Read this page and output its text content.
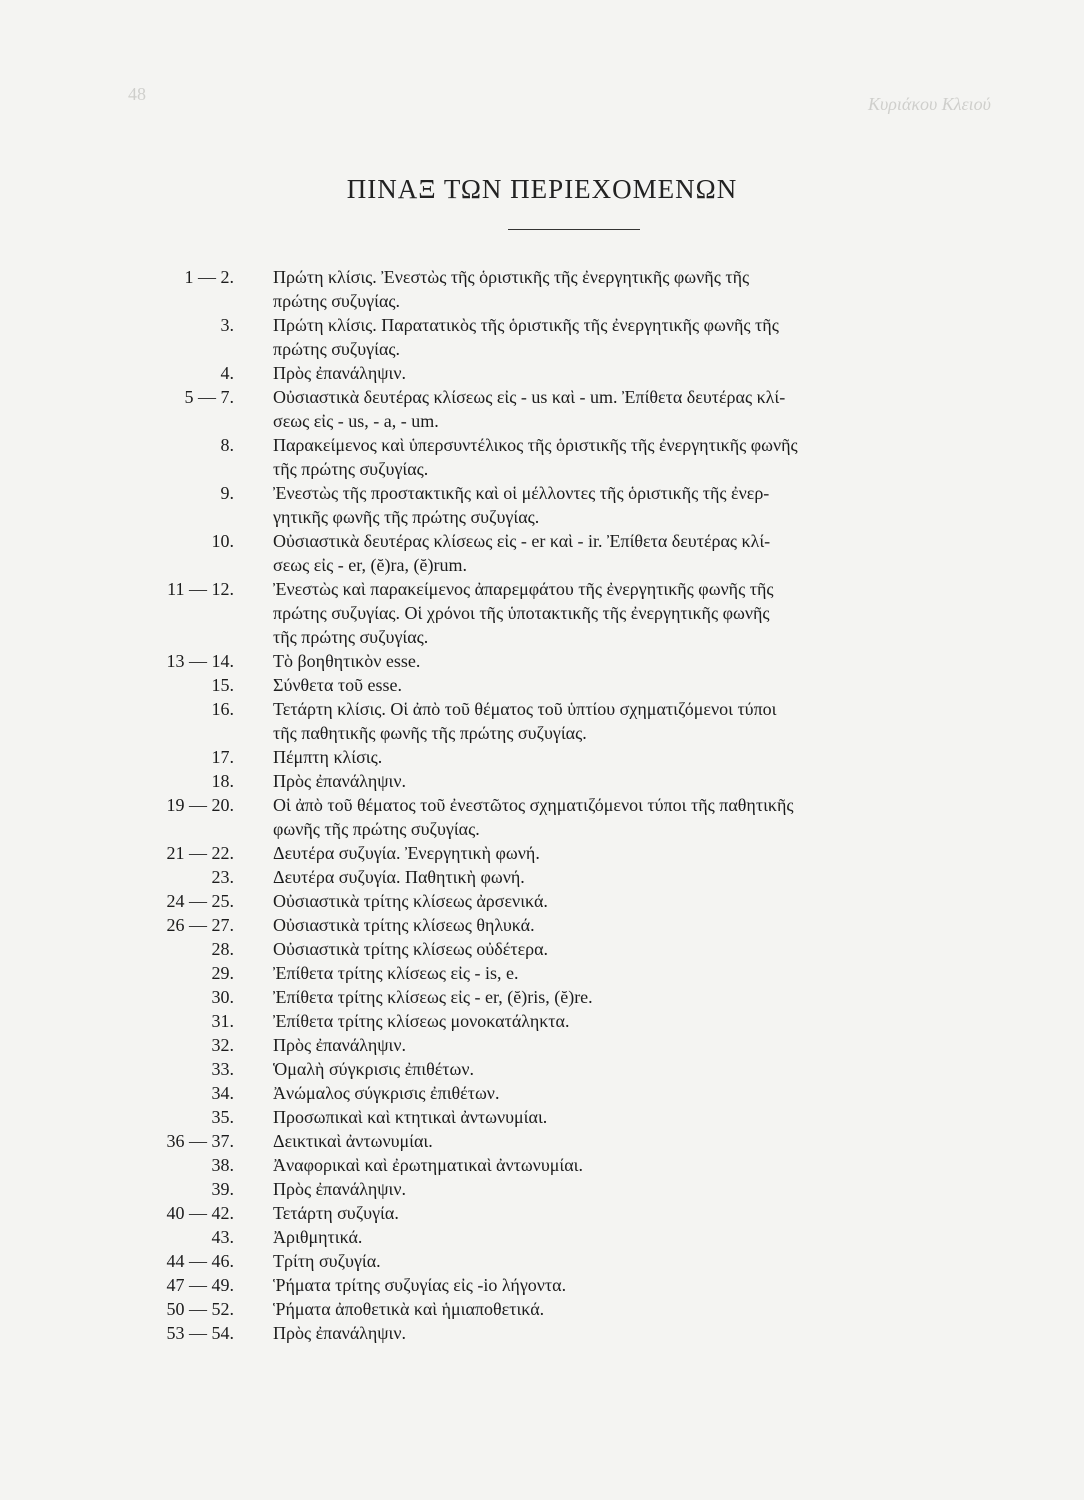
48	Κυριάκου Κλειού
ΠΙΝΑΞ ΤΩΝ ΠΕΡΙΕΧΟΜΕΝΩΝ
1 — 2. Πρώτη κλίσις. Ἐνεστὼς τῆς ὁριστικῆς τῆς ἐνεργητικῆς φωνῆς τῆς
πρώτης συζυγίας.
3. Πρώτη κλίσις. Παρατατικὸς τῆς ὁριστικῆς τῆς ἐνεργητικῆς φωνῆς τῆς
πρώτης συζυγίας.
4. Πρὸς ἐπανάληψιν.
5 — 7. Οὐσιαστικὰ δευτέρας κλίσεως εἰς - us καὶ - um. Ἐπίθετα δευτέρας κλί-
σεως εἰς - us, - a, - um.
8. Παρακείμενος καὶ ὑπερσυντέλικος τῆς ὁριστικῆς τῆς ἐνεργητικῆς φωνῆς
τῆς πρώτης συζυγίας.
9. Ἐνεστὼς τῆς προστακτικῆς καὶ οἱ μέλλοντες τῆς ὁριστικῆς τῆς ἐνερ-
γητικῆς φωνῆς τῆς πρώτης συζυγίας.
10. Οὐσιαστικὰ δευτέρας κλίσεως εἰς - er καὶ - ir. Ἐπίθετα δευτέρας κλί-
σεως εἰς - er, (ĕ)ra, (ĕ)rum.
11 — 12. Ἐνεστὼς καὶ παρακείμενος ἀπαρεμφάτου τῆς ἐνεργητικῆς φωνῆς τῆς
πρώτης συζυγίας. Οἱ χρόνοι τῆς ὑποτακτικῆς τῆς ἐνεργητικῆς φωνῆς
τῆς πρώτης συζυγίας.
13 — 14. Τὸ βοηθητικὸν esse.
15. Σύνθετα τοῦ esse.
16. Τετάρτη κλίσις. Οἱ ἀπὸ τοῦ θέματος τοῦ ὑπτίου σχηματιζόμενοι τύποι
τῆς παθητικῆς φωνῆς τῆς πρώτης συζυγίας.
17. Πέμπτη κλίσις.
18. Πρὸς ἐπανάληψιν.
19 — 20. Οἱ ἀπὸ τοῦ θέματος τοῦ ἐνεστῶτος σχηματιζόμενοι τύποι τῆς παθητικῆς
φωνῆς τῆς πρώτης συζυγίας.
21 — 22. Δευτέρα συζυγία. Ἐνεργητικὴ φωνή.
23. Δευτέρα συζυγία. Παθητικὴ φωνή.
24 — 25. Οὐσιαστικὰ τρίτης κλίσεως ἀρσενικά.
26 — 27. Οὐσιαστικὰ τρίτης κλίσεως θηλυκά.
28. Οὐσιαστικὰ τρίτης κλίσεως οὐδέτερα.
29. Ἐπίθετα τρίτης κλίσεως εἰς - is, e.
30. Ἐπίθετα τρίτης κλίσεως εἰς - er, (ĕ)ris, (ĕ)re.
31. Ἐπίθετα τρίτης κλίσεως μονοκατάληκτα.
32. Πρὸς ἐπανάληψιν.
33. Ὁμαλὴ σύγκρισις ἐπιθέτων.
34. Ἀνώμαλος σύγκρισις ἐπιθέτων.
35. Προσωπικαὶ καὶ κτητικαὶ ἀντωνυμίαι.
36 — 37. Δεικτικαὶ ἀντωνυμίαι.
38. Ἀναφορικαὶ καὶ ἐρωτηματικαὶ ἀντωνυμίαι.
39. Πρὸς ἐπανάληψιν.
40 — 42. Τετάρτη συζυγία.
43. Ἀριθμητικά.
44 — 46. Τρίτη συζυγία.
47 — 49. Ῥήματα τρίτης συζυγίας εἰς -io λήγοντα.
50 — 52. Ῥήματα ἀποθετικὰ καὶ ἡμιαποθετικά.
53 — 54. Πρὸς ἐπανάληψιν.
